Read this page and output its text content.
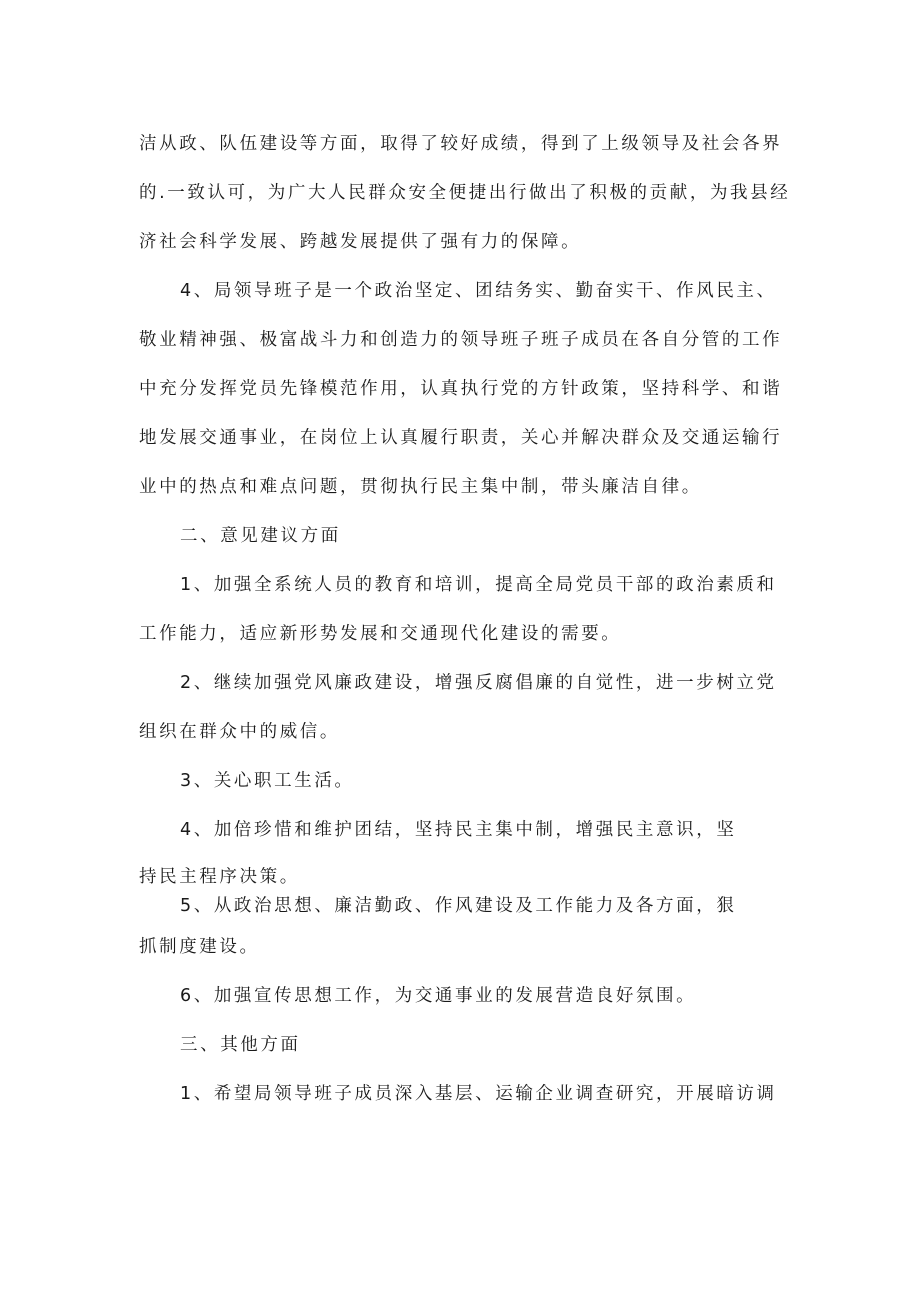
洁从政、队伍建设等方面，取得了较好成绩，得到了上级领导及社会各界
的.一致认可，为广大人民群众安全便捷出行做出了积极的贡献，为我县经
济社会科学发展、跨越发展提供了强有力的保障。
4、局领导班子是一个政治坚定、团结务实、勤奋实干、作风民主、
敬业精神强、极富战斗力和创造力的领导班子班子成员在各自分管的工作
中充分发挥党员先锋模范作用，认真执行党的方针政策，坚持科学、和谐
地发展交通事业，在岗位上认真履行职责，关心并解决群众及交通运输行
业中的热点和难点问题，贯彻执行民主集中制，带头廉洁自律。
二、意见建议方面
1、加强全系统人员的教育和培训，提高全局党员干部的政治素质和
工作能力，适应新形势发展和交通现代化建设的需要。
2、继续加强党风廉政建设，增强反腐倡廉的自觉性，进一步树立党
组织在群众中的威信。
3、关心职工生活。
4、加倍珍惜和维护团结，坚持民主集中制，增强民主意识，坚
持民主程序决策。
5、从政治思想、廉洁勤政、作风建设及工作能力及各方面，狠
抓制度建设。
6、加强宣传思想工作，为交通事业的发展营造良好氛围。
三、其他方面
1、希望局领导班子成员深入基层、运输企业调查研究，开展暗访调
